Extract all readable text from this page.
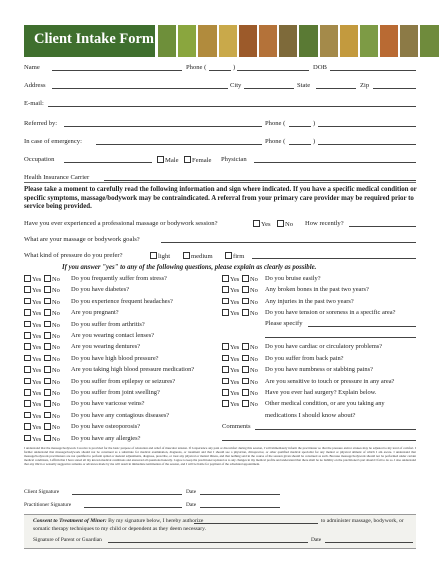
Client Intake Form
Name	Phone (	)	DOB
Address	City	State	Zip
E-mail:
Referred by:	Phone (	)
In case of emergency:	Phone (	)
Occupation	Male	Female Physician
Health Insurance Carrier
Please take a moment to carefully read the following information and sign where indicated. If you have a specific medical condition or specific symptoms, massage/bodywork may be contraindicated. A referral from your primary care provider may be required prior to service being provided.
Have you ever experienced a professional massage or bodywork session?	Yes	No How recently?
What are your massage or bodywork goals?
What kind of pressure do you prefer?	light	medium	firm
If you answer "yes" to any of the following questions, please explain as clearly as possible.
Yes	No Do you frequently suffer from stress?
Yes	No Do you have diabetes?
Yes	No Do you experience frequent headaches?
Yes	No Are you pregnant?
Yes	No Do you suffer from arthritis?
Yes	No Are you wearing contact lenses?
Yes	No Are you wearing dentures?
Yes	No Do you have high blood pressure?
Yes	No Are you taking high blood pressure medication?
Yes	No Do you suffer from epilepsy or seizures?
Yes	No Do you suffer from joint swelling?
Yes	No Do you have varicose veins?
Yes	No Do you have any contagious diseases?
Yes	No Do you have osteoporosis?
Yes	No Do you have any allergies?
Yes	No Do you bruise easily?
Yes	No Any broken bones in the past two years?
Yes	No Any injuries in the past two years?
Yes	No Do you have tension or soreness in a specific area?
Yes	No Do you have cardiac or circulatory problems?
Yes	No Do you suffer from back pain?
Yes	No Do you have numbness or stabbing pains?
Yes	No Are you sensitive to touch or pressure in any area?
Yes	No Have you ever had surgery? Explain below.
Yes	No Other medical condition, or are you taking any
Please specify
medications I should know about?
Comments
I understand that the massage/bodywork I receive is provided for the basic purpose of relaxation and relief of muscular tension. If I experience any pain or discomfort during this session, I will immediately inform the practitioner so that the pressure and/or strokes may be adjusted to my level of comfort. I further understand that massage/bodywork should not be construed as a substitute for medical examination, diagnosis, or treatment and that I should see a physician, chiropractor, or other qualified medical specialist for any mental or physical ailment of which I am aware. I understand that massage/bodywork practitioners are not qualified to perform spinal or skeletal adjustments, diagnose, prescribe, or treat any physical or mental illness, and that nothing said in the course of the session given should be construed as such. Because massage/bodywork should not be performed under certain medical conditions, I affirm that I have stated all my known medical conditions and answered all questions honestly. I agree to keep the practitioner updated as to any changes in my medical profile and understand that there shall be no liability on the practitioner's part should I fail to do so. I also understand that any illicit or sexually suggestive remarks or advances made by me will result in immediate termination of the session, and I will be liable for payment of the scheduled appointment.
Client Signature	Date
Practitioner Signature	Date
Consent to Treatment of Minor: By my signature below, I hereby authorize	to administer massage, bodywork, or
somatic therapy techniques to my child or dependent as they deem necessary.
Signature of Parent or Guardian	Date
